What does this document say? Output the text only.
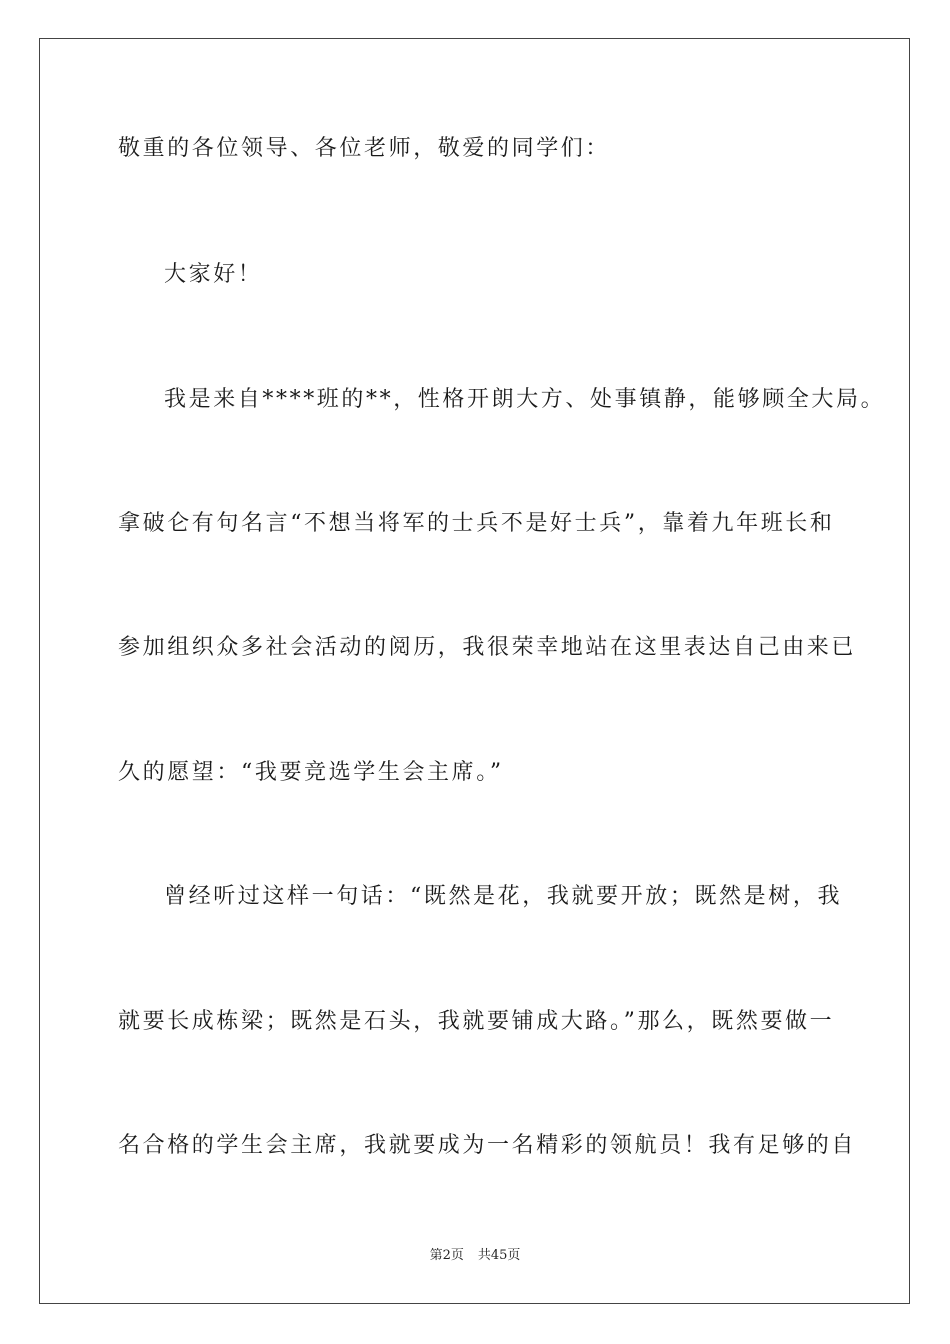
敬重的各位领导、各位老师，敬爱的同学们：
大家好！
我是来自****班的**，性格开朗大方、处事镇静，能够顾全大局。
拿破仑有句名言“不想当将军的士兵不是好士兵”，靠着九年班长和
参加组织众多社会活动的阅历，我很荣幸地站在这里表达自己由来已
久的愿望：“我要竞选学生会主席。”
曾经听过这样一句话：“既然是花，我就要开放；既然是树，我
就要长成栋梁；既然是石头，我就要铺成大路。”那么，既然要做一
名合格的学生会主席，我就要成为一名精彩的领航员！我有足够的自
第2页 共45页
